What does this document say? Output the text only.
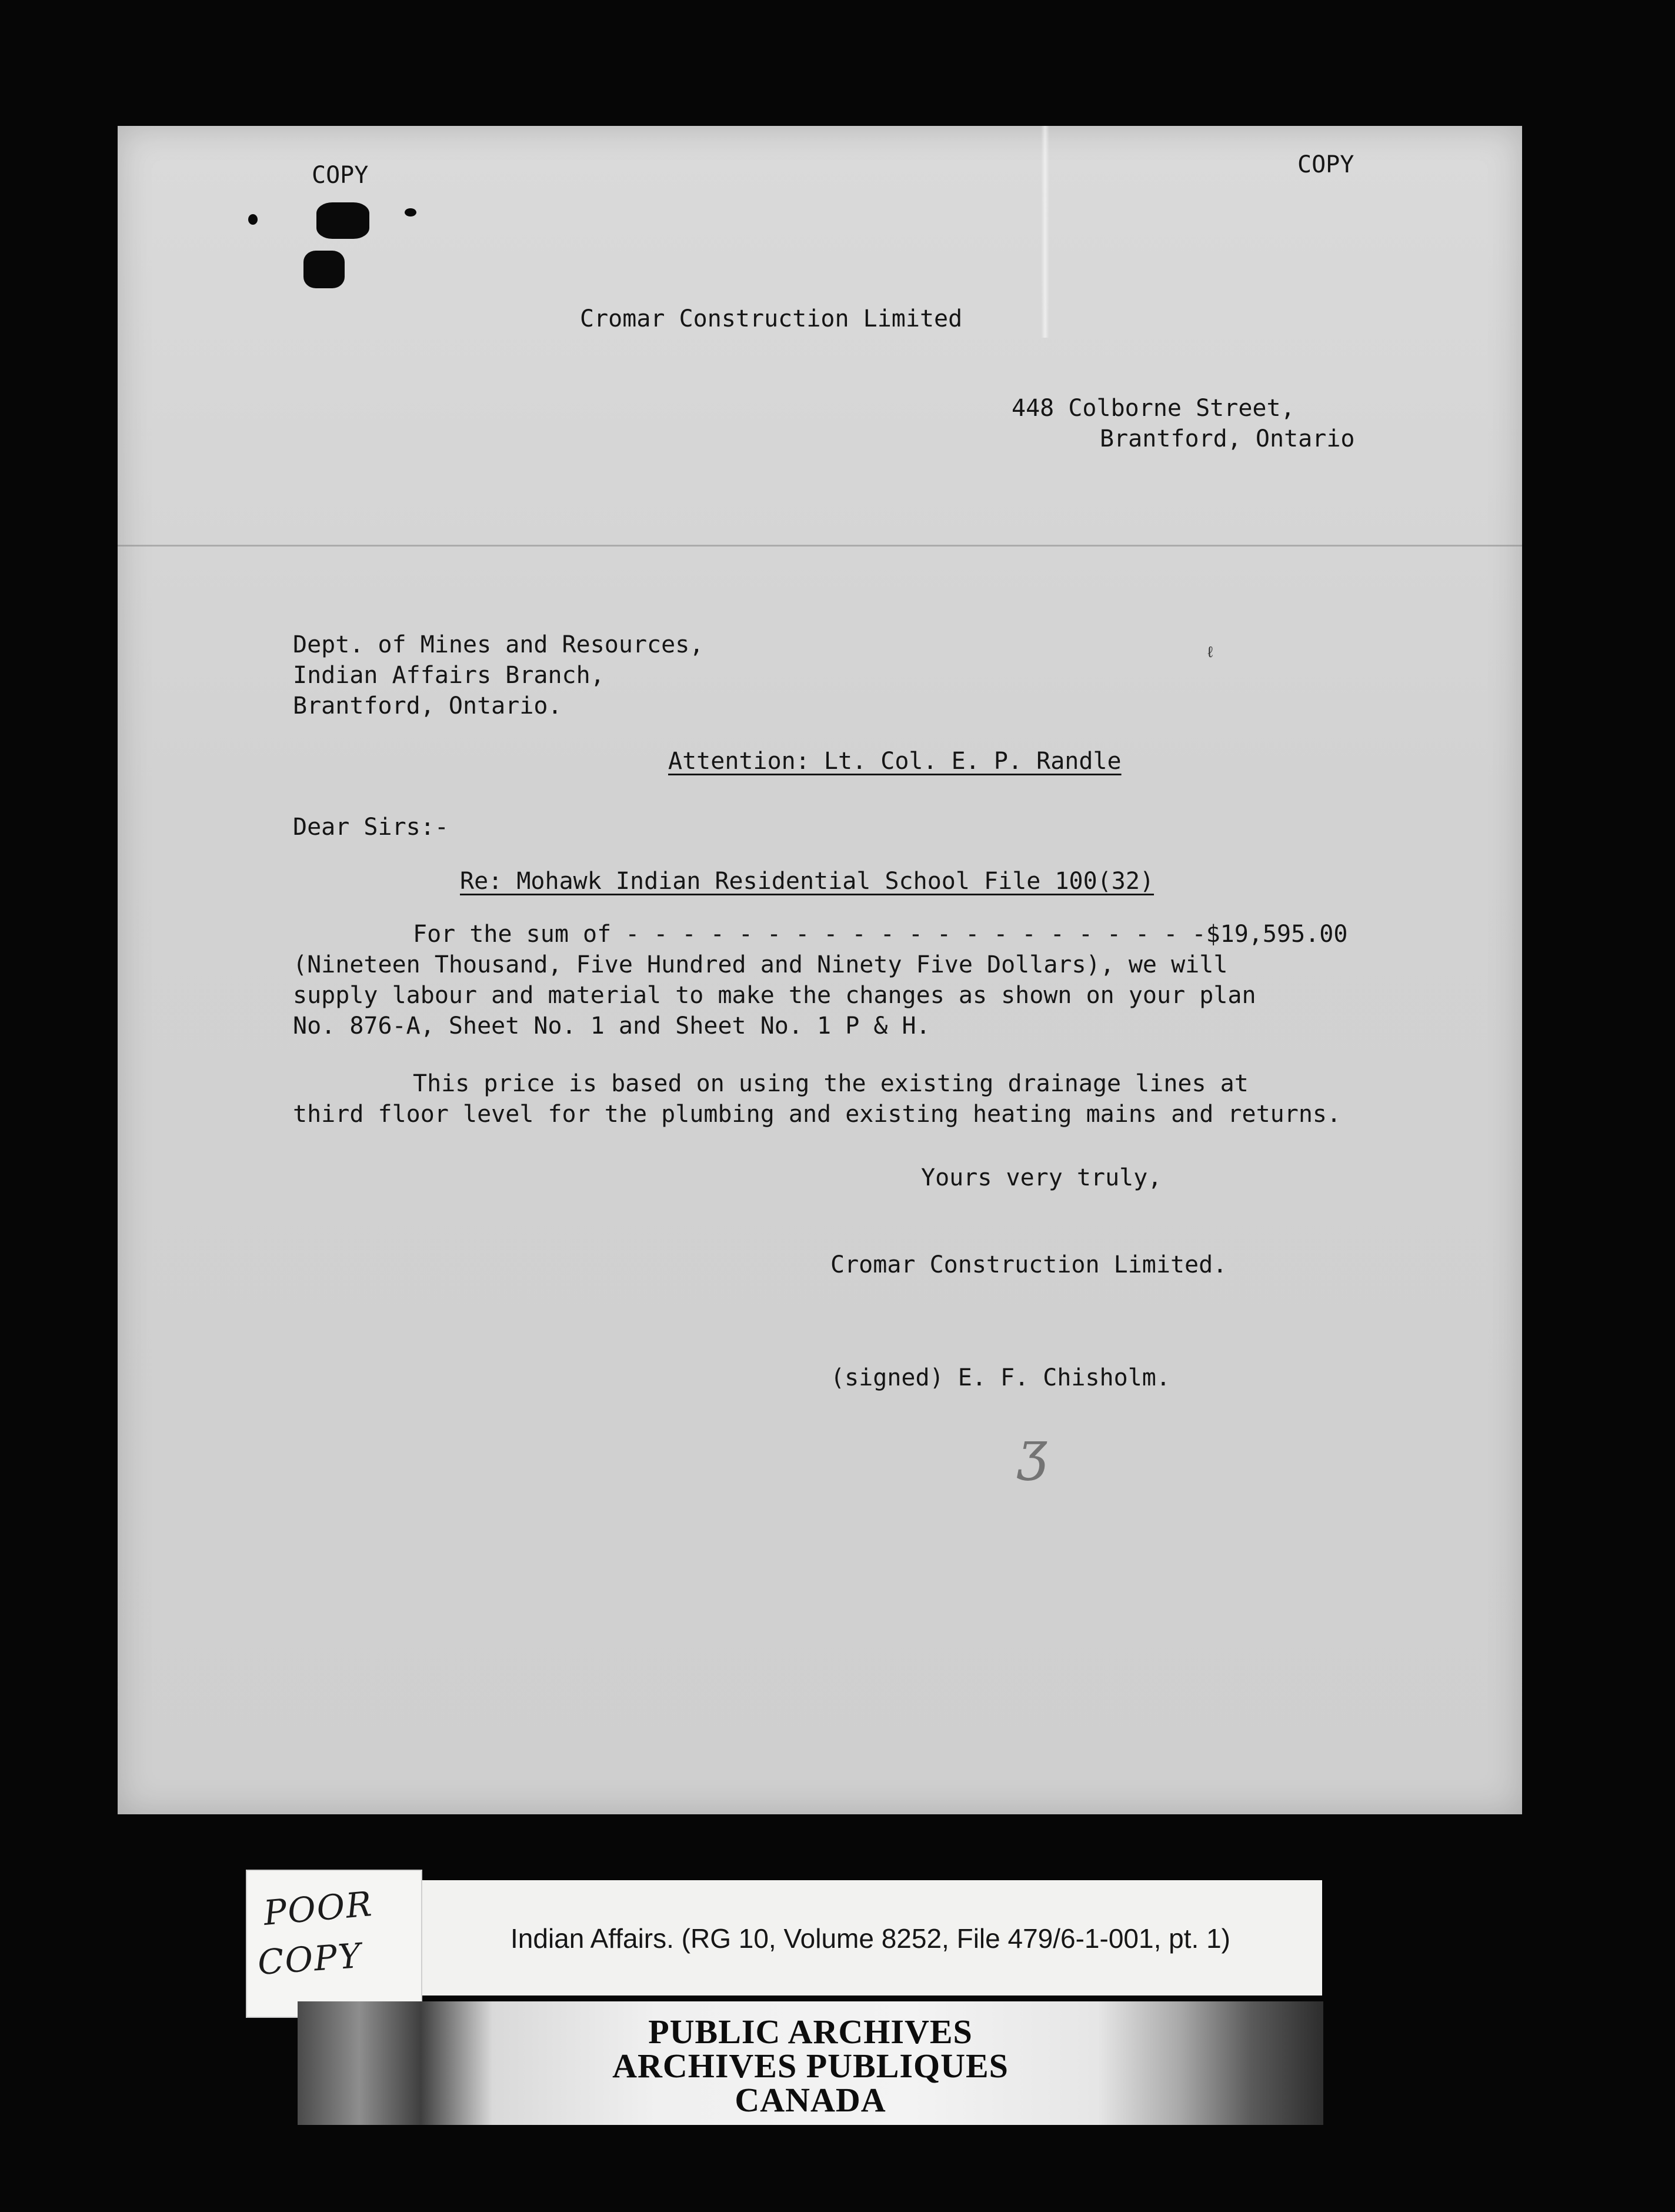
COPY	COPY
Cromar Construction Limited
448 Colborne Street,
Brantford, Ontario
Dept. of Mines and Resources,
Indian Affairs Branch,
Brantford, Ontario.
Attention: Lt. Col. E. P. Randle
Dear Sirs:-
Re: Mohawk Indian Residential School File 100(32)
For the sum of - - - - - - - - - - - - - - - - - - - - -$19,595.00
(Nineteen Thousand, Five Hundred and Ninety Five Dollars), we will
supply labour and material to make the changes as shown on your plan
No. 876-A, Sheet No. 1 and Sheet No. 1 P & H.
This price is based on using the existing drainage lines at
third floor level for the plumbing and existing heating mains and returns.
Yours very truly,
Cromar Construction Limited.
(signed) E. F. Chisholm.
ʒ
ℓ
POOR
COPY	Indian Affairs. (RG 10, Volume 8252, File 479/6-1-001, pt. 1)
PUBLIC ARCHIVES
ARCHIVES PUBLIQUES
CANADA
